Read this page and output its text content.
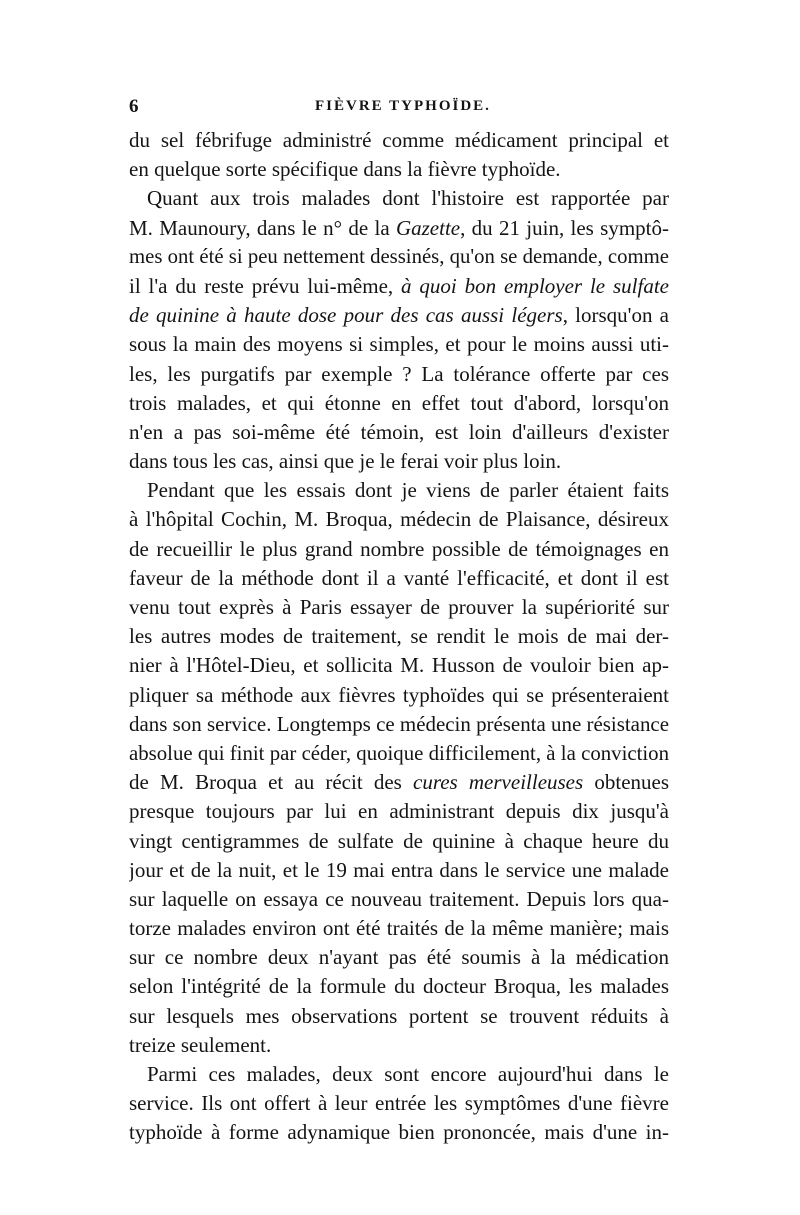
6	FIÈVRE TYPHOÏDE.
du sel fébrifuge administré comme médicament principal et
en quelque sorte spécifique dans la fièvre typhoïde.
Quant aux trois malades dont l'histoire est rapportée par
M. Maunoury, dans le n° de la Gazette, du 21 juin, les symptô-
mes ont été si peu nettement dessinés, qu'on se demande, comme
il l'a du reste prévu lui-même, à quoi bon employer le sulfate
de quinine à haute dose pour des cas aussi légers, lorsqu'on a
sous la main des moyens si simples, et pour le moins aussi uti-
les, les purgatifs par exemple ? La tolérance offerte par ces
trois malades, et qui étonne en effet tout d'abord, lorsqu'on
n'en a pas soi-même été témoin, est loin d'ailleurs d'exister
dans tous les cas, ainsi que je le ferai voir plus loin.
Pendant que les essais dont je viens de parler étaient faits
à l'hôpital Cochin, M. Broqua, médecin de Plaisance, désireux
de recueillir le plus grand nombre possible de témoignages en
faveur de la méthode dont il a vanté l'efficacité, et dont il est
venu tout exprès à Paris essayer de prouver la supériorité sur
les autres modes de traitement, se rendit le mois de mai der-
nier à l'Hôtel-Dieu, et sollicita M. Husson de vouloir bien ap-
pliquer sa méthode aux fièvres typhoïdes qui se présenteraient
dans son service. Longtemps ce médecin présenta une résistance
absolue qui finit par céder, quoique difficilement, à la conviction
de M. Broqua et au récit des cures merveilleuses obtenues
presque toujours par lui en administrant depuis dix jusqu'à
vingt centigrammes de sulfate de quinine à chaque heure du
jour et de la nuit, et le 19 mai entra dans le service une malade
sur laquelle on essaya ce nouveau traitement. Depuis lors qua-
torze malades environ ont été traités de la même manière; mais
sur ce nombre deux n'ayant pas été soumis à la médication
selon l'intégrité de la formule du docteur Broqua, les malades
sur lesquels mes observations portent se trouvent réduits à
treize seulement.
Parmi ces malades, deux sont encore aujourd'hui dans le
service. Ils ont offert à leur entrée les symptômes d'une fièvre
typhoïde à forme adynamique bien prononcée, mais d'une in-
